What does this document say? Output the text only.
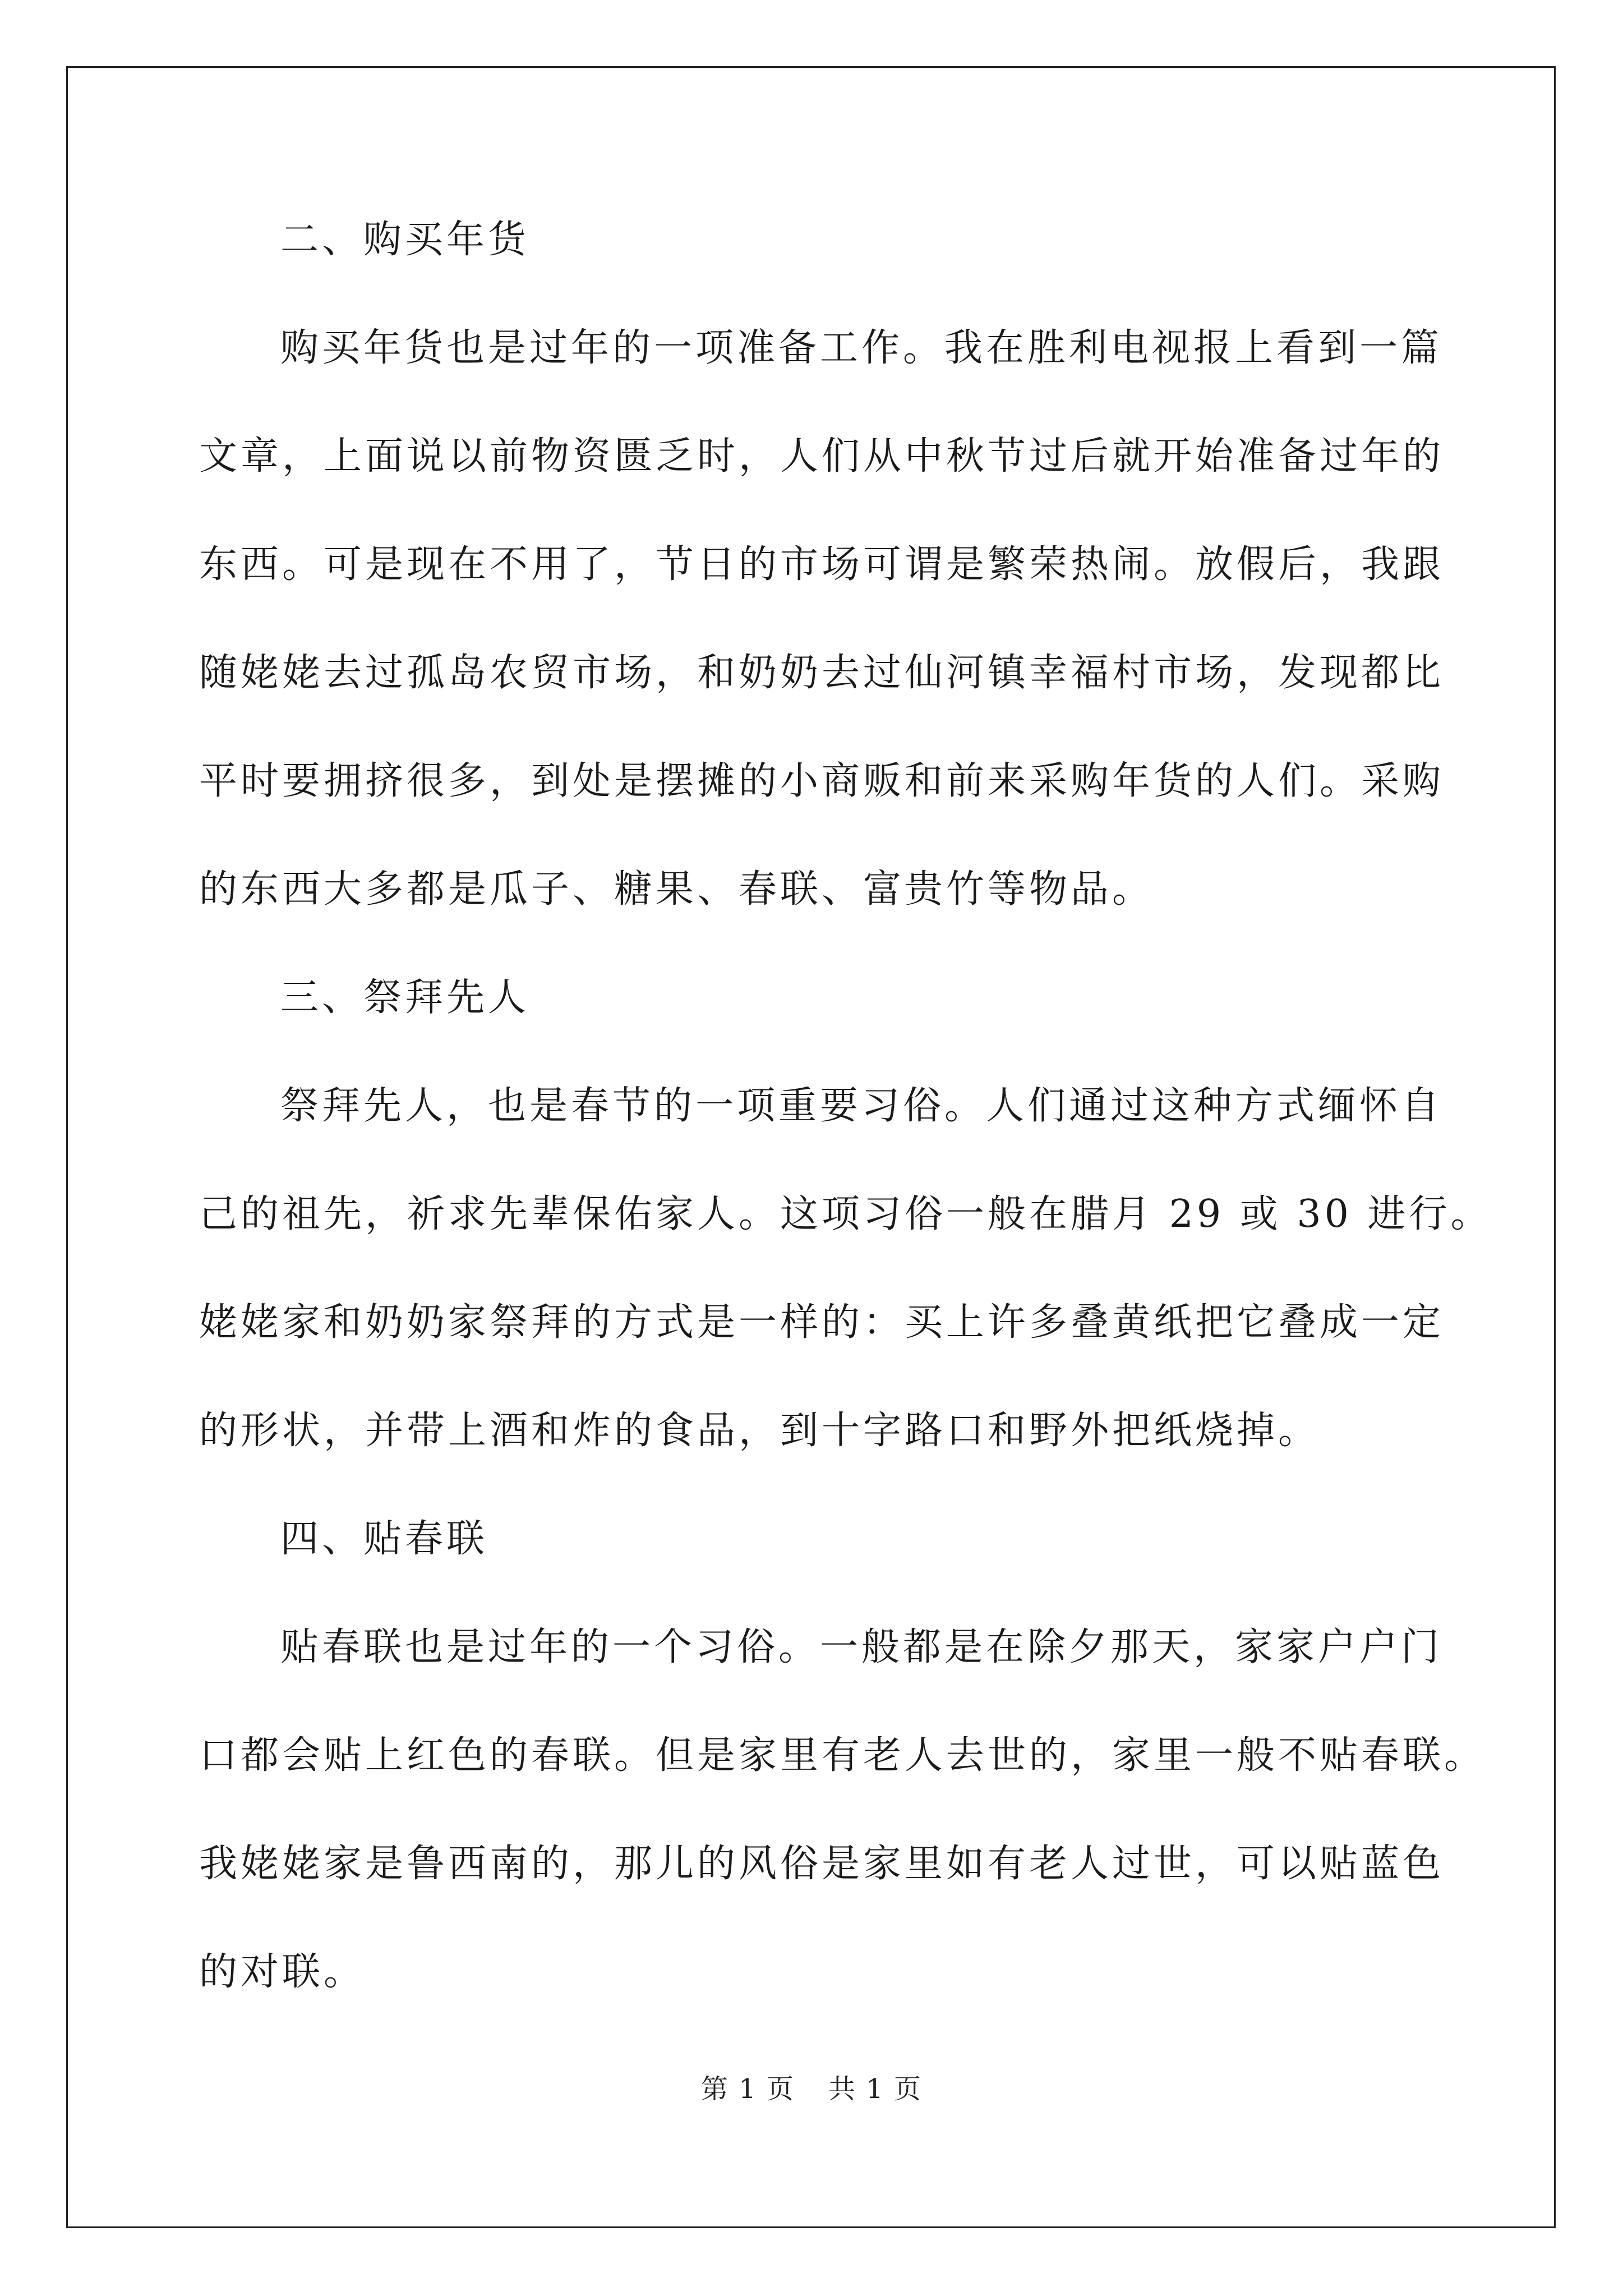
二、购买年货
购买年货也是过年的一项准备工作。我在胜利电视报上看到一篇
文章，上面说以前物资匮乏时，人们从中秋节过后就开始准备过年的
东西。可是现在不用了，节日的市场可谓是繁荣热闹。放假后，我跟
随姥姥去过孤岛农贸市场，和奶奶去过仙河镇幸福村市场，发现都比
平时要拥挤很多，到处是摆摊的小商贩和前来采购年货的人们。采购
的东西大多都是瓜子、糖果、春联、富贵竹等物品。
三、祭拜先人
祭拜先人，也是春节的一项重要习俗。人们通过这种方式缅怀自
己的祖先，祈求先辈保佑家人。这项习俗一般在腊月 29 或 30 进行。
姥姥家和奶奶家祭拜的方式是一样的：买上许多叠黄纸把它叠成一定
的形状，并带上酒和炸的食品，到十字路口和野外把纸烧掉。
四、贴春联
贴春联也是过年的一个习俗。一般都是在除夕那天，家家户户门
口都会贴上红色的春联。但是家里有老人去世的，家里一般不贴春联。
我姥姥家是鲁西南的，那儿的风俗是家里如有老人过世，可以贴蓝色
的对联。
第 1 页 共 1 页
